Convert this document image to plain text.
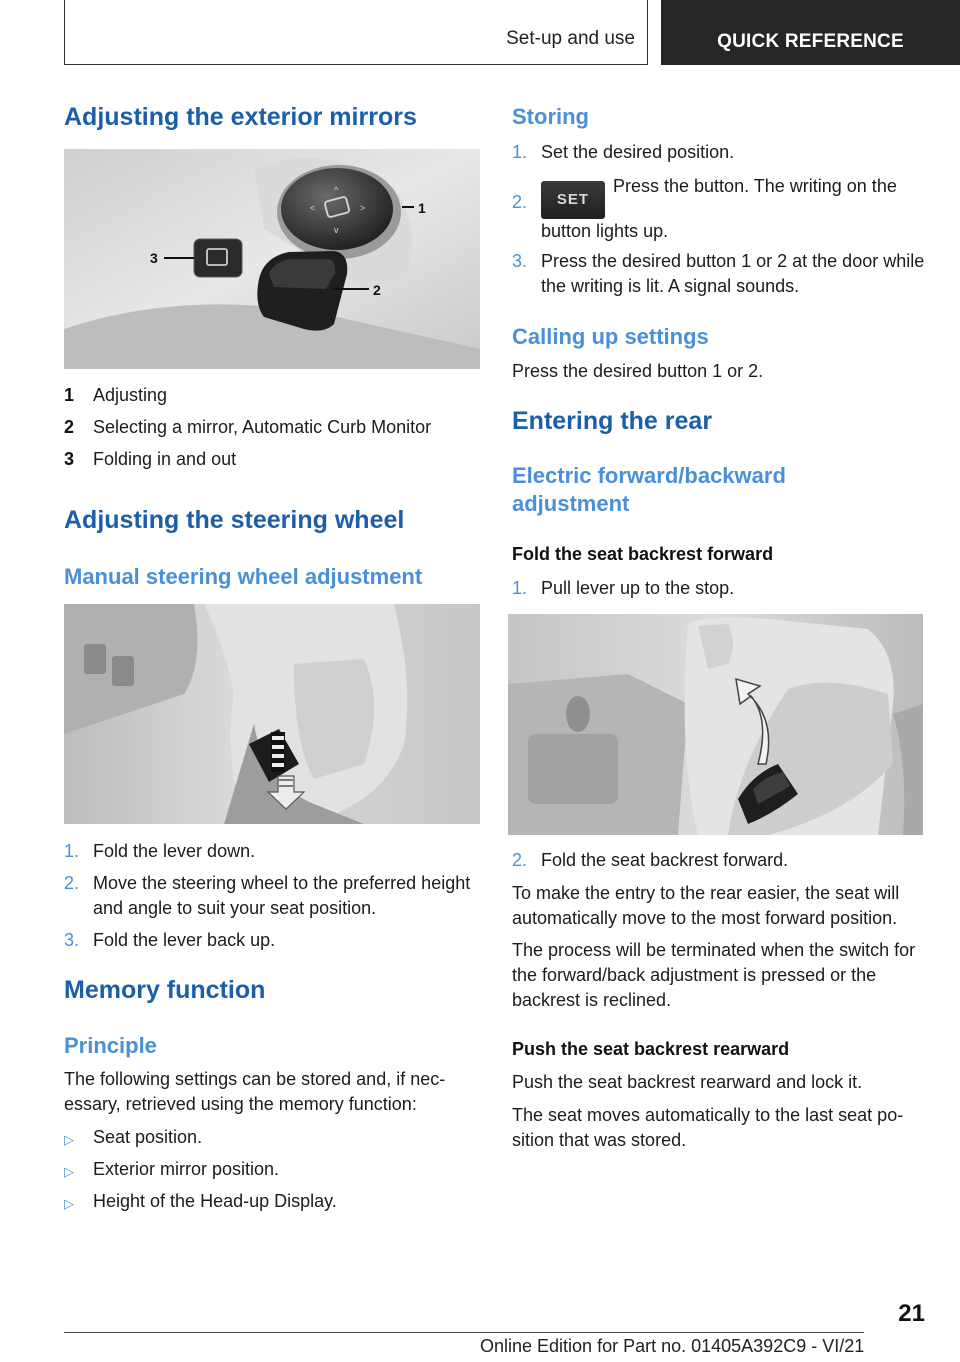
Set-up and use	QUICK REFERENCE
Adjusting the exterior mirrors
^
<	>
v
1
2
3
1	Adjusting
2	Selecting a mirror, Automatic Curb Monitor
3	Folding in and out
Adjusting the steering wheel
Manual steering wheel adjustment
1. Fold the lever down.
2. Move the steering wheel to the preferred height and angle to suit your seat position.
3. Fold the lever back up.
Memory function
Principle
The following settings can be stored and, if nec-essary, retrieved using the memory function:
▷	Seat position.
▷	Exterior mirror position.
▷	Height of the Head-up Display.
Storing
1. Set the desired position.
2.	SETPress the button. The writing on the button lights up.
3. Press the desired button 1 or 2 at the door while the writing is lit. A signal sounds.
Calling up settings
Press the desired button 1 or 2.
Entering the rear
Electric forward/backward adjustment
Fold the seat backrest forward
1. Pull lever up to the stop.
2. Fold the seat backrest forward.
To make the entry to the rear easier, the seat will automatically move to the most forward position.
The process will be terminated when the switch for the forward/back adjustment is pressed or the backrest is reclined.
Push the seat backrest rearward
Push the seat backrest rearward and lock it.
The seat moves automatically to the last seat po-sition that was stored.
21
Online Edition for Part no. 01405A392C9 - VI/21
